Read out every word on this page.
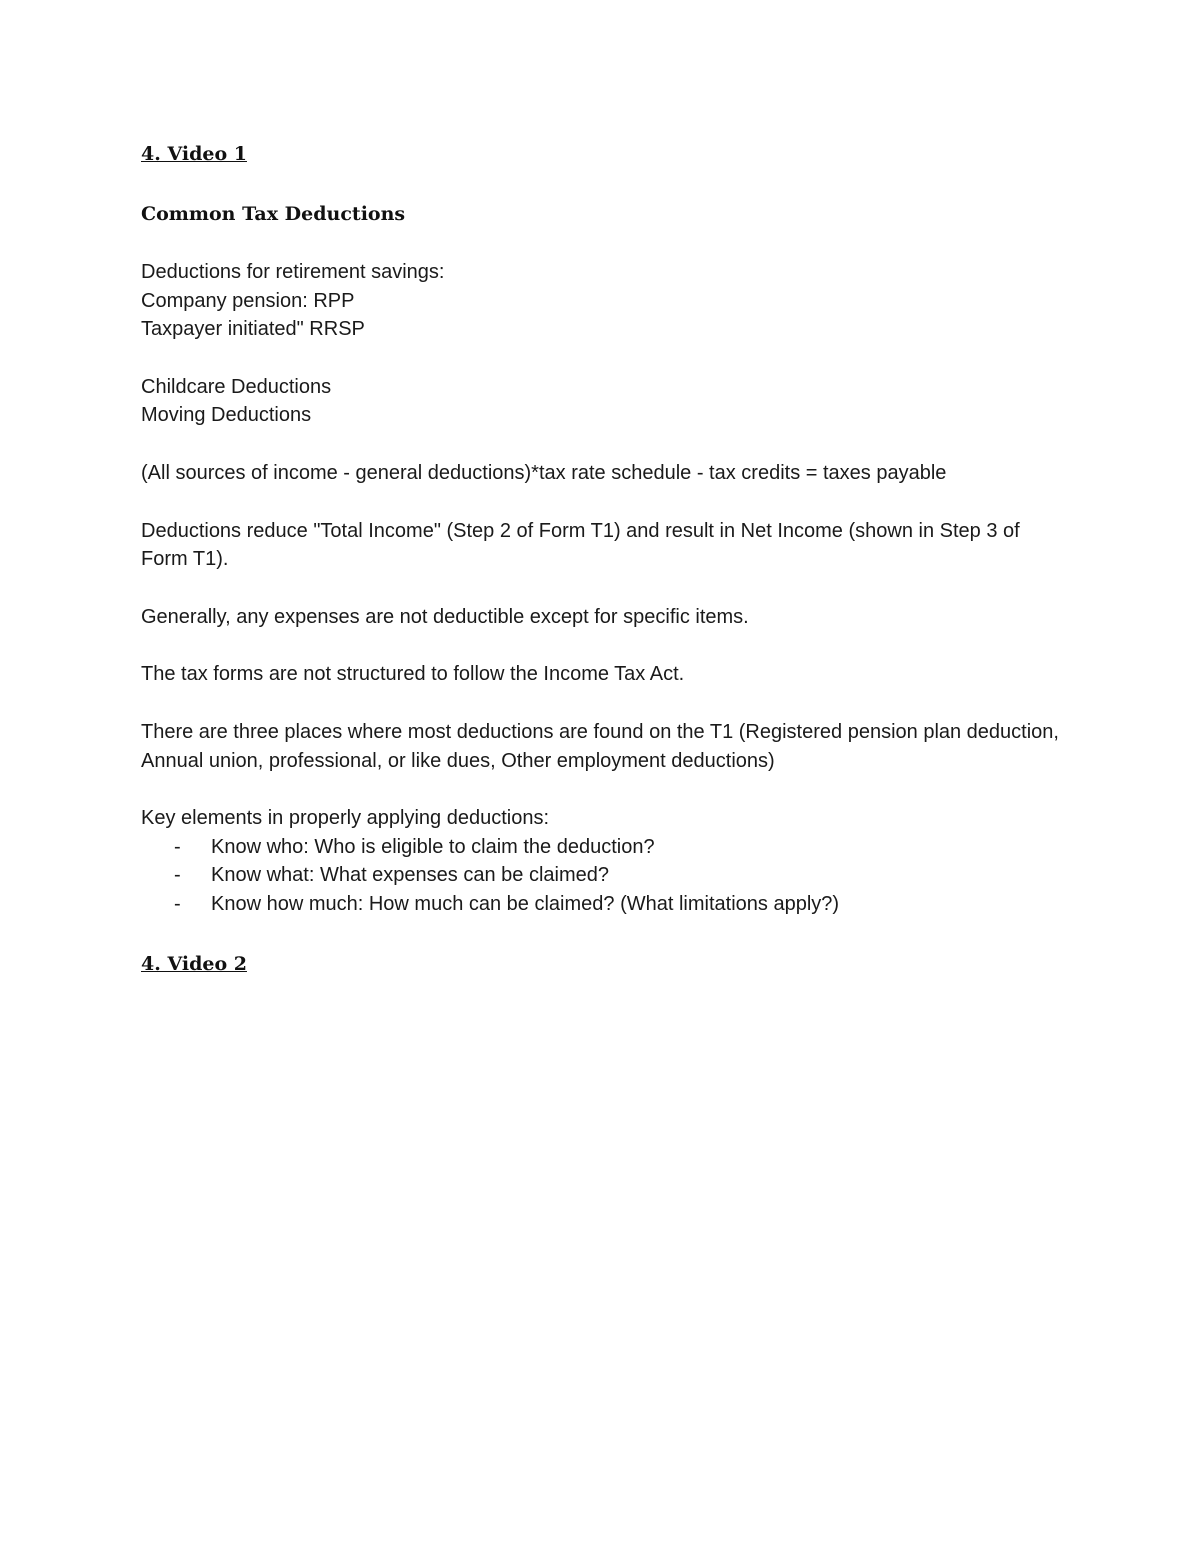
4. Video 1
Common Tax Deductions

Deductions for retirement savings:

Company pension: RPP

Taxpayer initiated" RRSP

Childcare Deductions

Moving Deductions

(All sources of income - general deductions)*tax rate schedule - tax credits = taxes payable

Deductions reduce "Total Income" (Step 2 of Form T1) and result in Net Income (shown in Step 3 of Form T1).

Generally, any expenses are not deductible except for specific items.

The tax forms are not structured to follow the Income Tax Act.

There are three places where most deductions are found on the T1 (Registered pension plan deduction, Annual union, professional, or like dues, Other employment deductions)

Key elements in properly applying deductions:

- Know who: Who is eligible to claim the deduction?
- Know what: What expenses can be claimed?
- Know how much: How much can be claimed? (What limitations apply?)
4. Video 2
